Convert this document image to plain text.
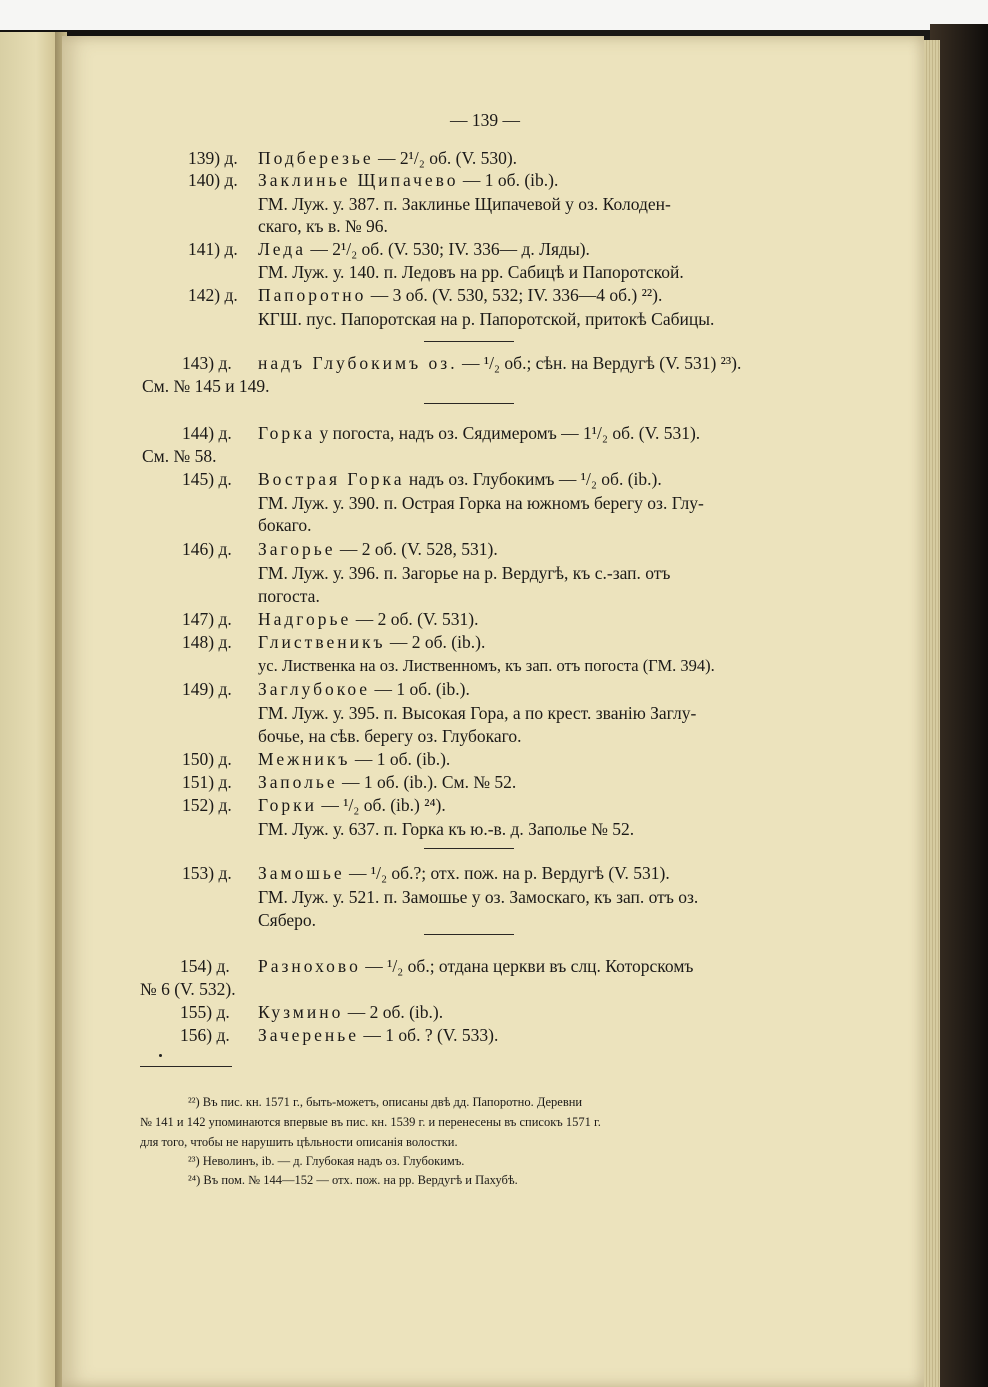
— 139 —
139) д. Подберезье — 2¹/₂ об. (V. 530).
140) д. Заклинье Щипачево — 1 об. (ib.).
ГМ. Луж. у. 387. п. Заклинье Щипачевой у оз. Колоден-
скаго, къ в. № 96.
141) д. Леда — 2¹/₂ об. (V. 530; IV. 336— д. Ляды).
ГМ. Луж. у. 140. п. Ледовъ на рр. Сабицѣ и Папоротской.
142) д. Папоротно — 3 об. (V. 530, 532; IV. 336—4 об.) ²²).
КГШ. пус. Папоротская на р. Папоротской, притокѣ Сабицы.
143) д. надъ Глубокимъ оз. — ¹/₂ об.; сѣн. на Вердугѣ (V. 531) ²³).
См. № 145 и 149.
144) д. Горка у погоста, надъ оз. Сядимеромъ — 1¹/₂ об. (V. 531).
См. № 58.
145) д. Вострая Горка надъ оз. Глубокимъ — ¹/₂ об. (ib.).
ГМ. Луж. у. 390. п. Острая Горка на южномъ берегу оз. Глу-
бокаго.
146) д. Загорье — 2 об. (V. 528, 531).
ГМ. Луж. у. 396. п. Загорье на р. Вердугѣ, къ с.-зап. отъ
погоста.
147) д. Надгорье — 2 об. (V. 531).
148) д. Глиственикъ — 2 об. (ib.).
ус. Лиственка на оз. Лиственномъ, къ зап. отъ погоста (ГМ. 394).
149) д. Заглубокое — 1 об. (ib.).
ГМ. Луж. у. 395. п. Высокая Гора, а по крест. званію Заглу-
бочье, на сѣв. берегу оз. Глубокаго.
150) д. Межникъ — 1 об. (ib.).
151) д. Заполье — 1 об. (ib.). См. № 52.
152) д. Горки — ¹/₂ об. (ib.) ²⁴).
ГМ. Луж. у. 637. п. Горка къ ю.-в. д. Заполье № 52.
153) д. Замошье — ¹/₂ об.?; отх. пож. на р. Вердугѣ (V. 531).
ГМ. Луж. у. 521. п. Замошье у оз. Замоскаго, къ зап. отъ оз.
Сяберо.
154) д. Разнохово — ¹/₂ об.; отдана церкви въ слц. Которскомъ
№ 6 (V. 532).
155) д. Кузмино — 2 об. (ib.).
156) д. Зачеренье — 1 об. ? (V. 533).
²²) Въ пис. кн. 1571 г., быть-можетъ, описаны двѣ дд. Папоротно. Деревни
№ 141 и 142 упоминаются впервые въ пис. кн. 1539 г. и перенесены въ списокъ 1571 г.
для того, чтобы не нарушить цѣльности описанія волостки.
²³) Неволинъ, ib. — д. Глубокая надъ оз. Глубокимъ.
²⁴) Въ пом. № 144—152 — отх. пож. на рр. Вердугѣ и Пахубѣ.
